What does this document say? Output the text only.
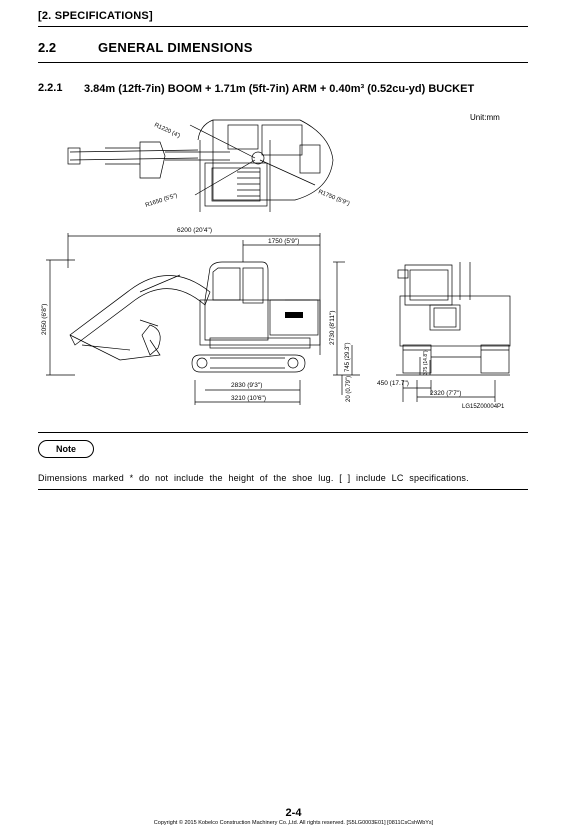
[2. SPECIFICATIONS]
2.2	GENERAL DIMENSIONS
2.2.1 3.84m (12ft-7in) BOOM + 1.71m (5ft-7in) ARM + 0.40m³ (0.52cu-yd) BUCKET
Unit:mm
R1220 (4')
R1650 (5'5")	R1750 (5'9")
6200 (20'4")
1750 (5'9")
2050 (6'8")	2730 (8'11")
745 (29.3")
20 (0.79")
2830 (9'3")
3210 (10'6")
375 (14.8")
450 (17.7")
2320 (7'7")
LG15Z00004P1
Note
Dimensions marked * do not include the height of the shoe lug. [ ] include LC specifications.
2-4
Copyright © 2015 Kobelco Construction Machinery Co.,Ltd. All rights reserved. [S5LG0003E01] [0811CsCshWbYs]
